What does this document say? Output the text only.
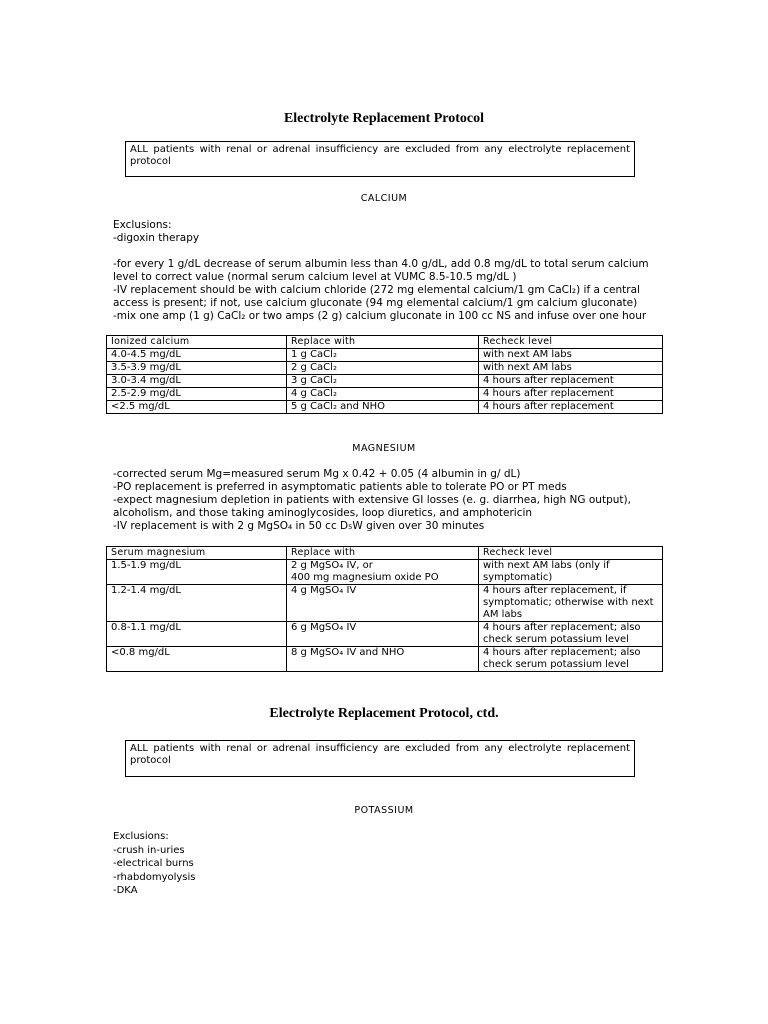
Electrolyte Replacement Protocol
ALL patients with renal or adrenal insufficiency are excluded from any electrolyte replacement protocol
CALCIUM
Exclusions:
-digoxin therapy
-for every 1 g/dL decrease of serum albumin less than 4.0 g/dL, add 0.8 mg/dL to total serum calcium
level to correct value (normal serum calcium level at VUMC 8.5-10.5 mg/dL )
-IV replacement should be with calcium chloride (272 mg elemental calcium/1 gm CaCl₂) if a central
access is present; if not, use calcium gluconate (94 mg elemental calcium/1 gm calcium gluconate)
-mix one amp (1 g) CaCl₂ or two amps (2 g) calcium gluconate in 100 cc NS and infuse over one hour
Ionized calcium	Replace with	Recheck level
4.0-4.5 mg/dL	1 g CaCl₂	with next AM labs
3.5-3.9 mg/dL	2 g CaCl₂	with next AM labs
3.0-3.4 mg/dL	3 g CaCl₂	4 hours after replacement
2.5-2.9 mg/dL	4 g CaCl₂	4 hours after replacement
<2.5 mg/dL	5 g CaCl₂ and NHO	4 hours after replacement
MAGNESIUM
-corrected serum Mg=measured serum Mg x 0.42 + 0.05 (4 albumin in g/ dL)
-PO replacement is preferred in asymptomatic patients able to tolerate PO or PT meds
-expect magnesium depletion in patients with extensive GI losses (e. g. diarrhea, high NG output),
alcoholism, and those taking aminoglycosides, loop diuretics, and amphotericin
-IV replacement is with 2 g MgSO₄ in 50 cc D₅W given over 30 minutes
Serum magnesium	Replace with	Recheck level
1.5-1.9 mg/dL	2 g MgSO₄ IV, or
400 mg magnesium oxide PO	with next AM labs (only if
symptomatic)
1.2-1.4 mg/dL	4 g MgSO₄ IV	4 hours after replacement, if
symptomatic; otherwise with next
AM labs
0.8-1.1 mg/dL	6 g MgSO₄ IV	4 hours after replacement; also
check serum potassium level
<0.8 mg/dL	8 g MgSO₄ IV and NHO	4 hours after replacement; also
check serum potassium level
Electrolyte Replacement Protocol, ctd.
ALL patients with renal or adrenal insufficiency are excluded from any electrolyte replacement protocol
POTASSIUM
Exclusions:
-crush in-uries
-electrical burns
-rhabdomyolysis
-DKA
